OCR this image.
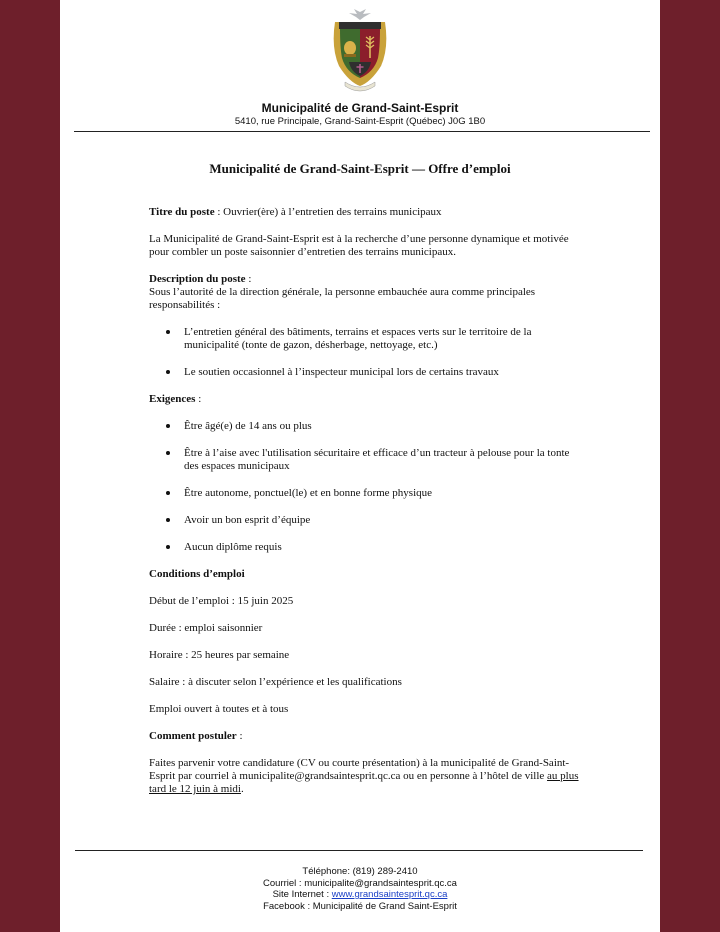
Municipalité de Grand-Saint-Esprit
5410, rue Principale, Grand-Saint-Esprit (Québec) J0G 1B0
Municipalité de Grand-Saint-Esprit — Offre d’emploi

Titre du poste : Ouvrier(ère) à l’entretien des terrains municipaux

La Municipalité de Grand-Saint-Esprit est à la recherche d’une personne dynamique et motivée pour combler un poste saisonnier d’entretien des terrains municipaux.

Description du poste :
Sous l’autorité de la direction générale, la personne embauchée aura comme principales responsabilités :
L’entretien général des bâtiments, terrains et espaces verts sur le territoire de la municipalité (tonte de gazon, désherbage, nettoyage, etc.)
Le soutien occasionnel à l’inspecteur municipal lors de certains travaux

Exigences :

Être âgé(e) de 14 ans ou plus
Être à l’aise avec l'utilisation sécuritaire et efficace d’un tracteur à pelouse pour la tonte des espaces municipaux
Être autonome, ponctuel(le) et en bonne forme physique
Avoir un bon esprit d’équipe
Aucun diplôme requis

Conditions d’emploi

Début de l’emploi : 15 juin 2025

Durée : emploi saisonnier

Horaire : 25 heures par semaine

Salaire : à discuter selon l’expérience et les qualifications

Emploi ouvert à toutes et à tous

Comment postuler :

Faites parvenir votre candidature (CV ou courte présentation) à la municipalité de Grand-Saint-Esprit par courriel à municipalite@grandsaintesprit.qc.ca ou en personne à l’hôtel de ville au plus tard le 12 juin à midi.

Téléphone: (819) 289-2410
Courriel : municipalite@grandsaintesprit.qc.ca
Site Internet : www.grandsaintesprit.qc.ca
Facebook : Municipalité de Grand Saint-Esprit
